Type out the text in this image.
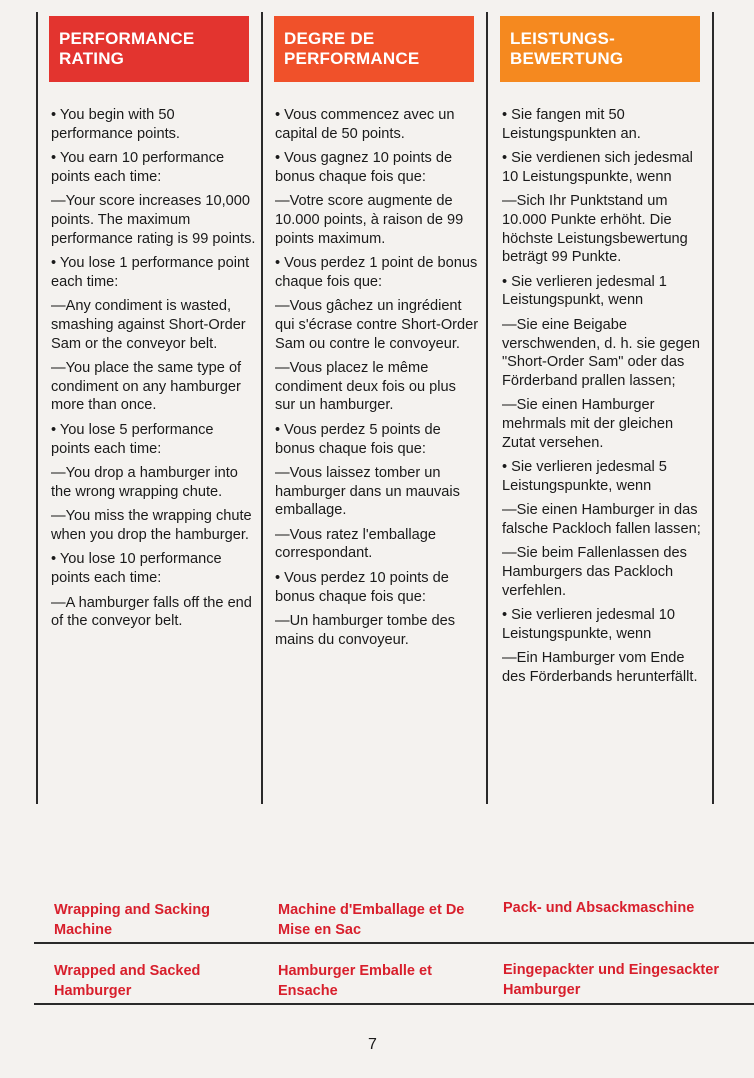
PERFORMANCE
RATING
DEGRE DE
PERFORMANCE
LEISTUNGS-
BEWERTUNG

• You begin with 50 performance points.

• You earn 10 performance points each time:

—Your score increases 10,000 points. The maximum performance rating is 99 points.

• You lose 1 performance point each time:

—Any condiment is wasted, smashing against Short-Order Sam or the conveyor belt.

—You place the same type of condiment on any hamburger more than once.

• You lose 5 performance points each time:

—You drop a hamburger into the wrong wrapping chute.

—You miss the wrapping chute when you drop the hamburger.

• You lose 10 performance points each time:

—A hamburger falls off the end of the conveyor belt.

• Vous commencez avec un capital de 50 points.

• Vous gagnez 10 points de bonus chaque fois que:

—Votre score augmente de 10.000 points, à raison de 99 points maximum.

• Vous perdez 1 point de bonus chaque fois que:

—Vous gâchez un ingrédient qui s'écrase contre Short-Order Sam ou contre le convoyeur.

—Vous placez le même condiment deux fois ou plus sur un hamburger.

• Vous perdez 5 points de bonus chaque fois que:

—Vous laissez tomber un hamburger dans un mauvais emballage.

—Vous ratez l'emballage correspondant.

• Vous perdez 10 points de bonus chaque fois que:

—Un hamburger tombe des mains du convoyeur.

• Sie fangen mit 50 Leistungspunkten an.

• Sie verdienen sich jedesmal 10 Leistungspunkte, wenn

—Sich Ihr Punktstand um 10.000 Punkte erhöht. Die höchste Leistungsbewertung beträgt 99 Punkte.

• Sie verlieren jedesmal 1 Leistungspunkt, wenn

—Sie eine Beigabe verschwenden, d. h. sie gegen "Short-Order Sam" oder das Förderband prallen lassen;

—Sie einen Hamburger mehrmals mit der gleichen Zutat versehen.

• Sie verlieren jedesmal 5 Leistungspunkte, wenn

—Sie einen Hamburger in das falsche Packloch fallen lassen;

—Sie beim Fallenlassen des Hamburgers das Packloch verfehlen.

• Sie verlieren jedesmal 10 Leistungspunkte, wenn

—Ein Hamburger vom Ende des Förderbands herunterfällt.

Wrapping and Sacking Machine
Machine d'Emballage et De Mise en Sac
Pack- und Absackmaschine
Wrapped and Sacked Hamburger
Hamburger Emballe et Ensache
Eingepackter und Eingesackter Hamburger
7
